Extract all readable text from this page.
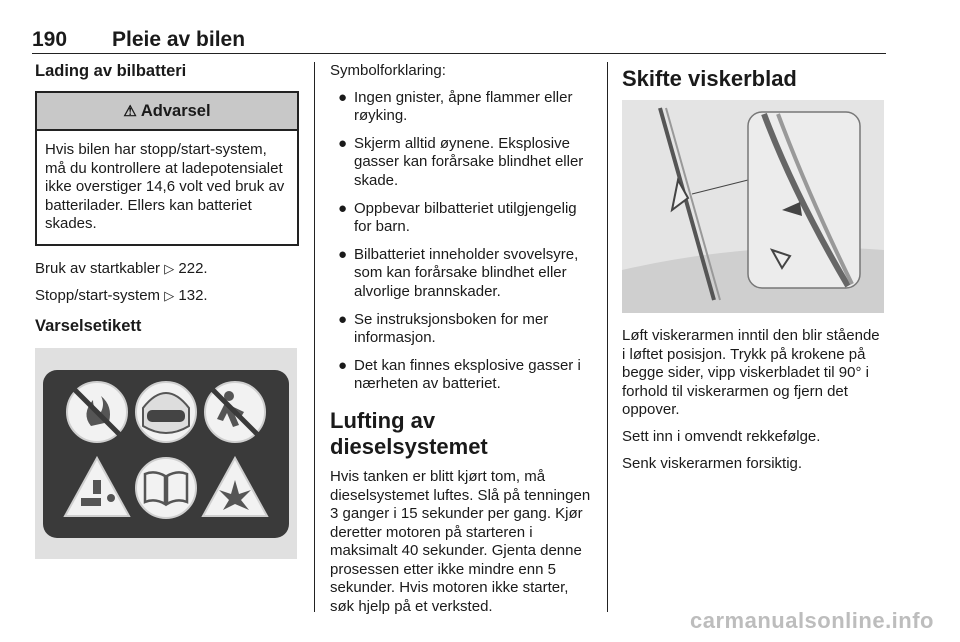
190 Pleie av bilen
Lading av bilbatteri
⚠ Advarsel
Hvis bilen har stopp/start-system, må du kontrollere at ladepotensialet ikke overstiger 14,6 volt ved bruk av batterilader. Ellers kan batteriet skades.

Bruk av startkabler ▷ 222.

Stopp/start-system ▷ 132.

Varselsetikett

Symbolforklaring:

● Ingen gnister, åpne flammer eller røyking.
● Skjerm alltid øynene. Eksplosive gasser kan forårsake blindhet eller skade.
● Oppbevar bilbatteriet utilgjengelig for barn.
● Bilbatteriet inneholder svovelsyre, som kan forårsake blindhet eller alvorlige brannskader.
● Se instruksjonsboken for mer informasjon.
● Det kan finnes eksplosive gasser i nærheten av batteriet.
Lufting av dieselsystemet

Hvis tanken er blitt kjørt tom, må dieselsystemet luftes. Slå på tenningen 3 ganger i 15 sekunder per gang. Kjør deretter motoren på starteren i maksimalt 40 sekunder. Gjenta denne prosessen etter ikke mindre enn 5 sekunder. Hvis motoren ikke starter, søk hjelp på et verksted.

Skifte viskerblad

Løft viskerarmen inntil den blir stående i løftet posisjon. Trykk på krokene på begge sider, vipp viskerbladet til 90° i forhold til viskerarmen og fjern det oppover.

Sett inn i omvendt rekkefølge.

Senk viskerarmen forsiktig.

carmanualsonline.info
